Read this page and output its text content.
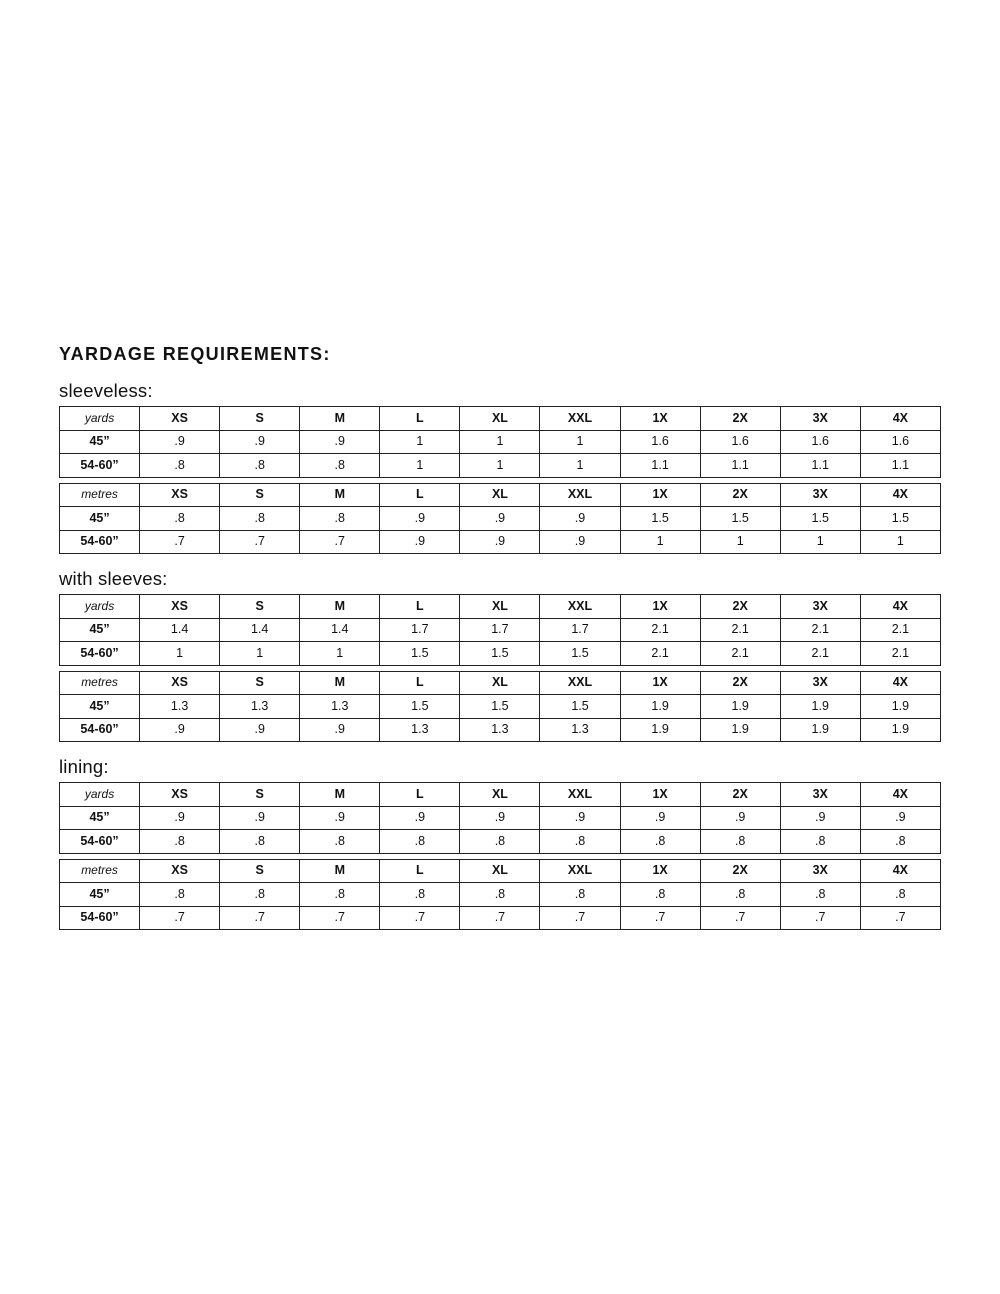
YARDAGE REQUIREMENTS:
sleeveless:
yards	XS	S	M	L	XL	XXL	1X	2X	3X	4X
45”	.9	.9	.9	1	1	1	1.6	1.6	1.6	1.6
54-60”	.8	.8	.8	1	1	1	1.1	1.1	1.1	1.1
metres	XS	S	M	L	XL	XXL	1X	2X	3X	4X
45”	.8	.8	.8	.9	.9	.9	1.5	1.5	1.5	1.5
54-60”	.7	.7	.7	.9	.9	.9	1	1	1	1
with sleeves:
yards	XS	S	M	L	XL	XXL	1X	2X	3X	4X
45”	1.4	1.4	1.4	1.7	1.7	1.7	2.1	2.1	2.1	2.1
54-60”	1	1	1	1.5	1.5	1.5	2.1	2.1	2.1	2.1
metres	XS	S	M	L	XL	XXL	1X	2X	3X	4X
45”	1.3	1.3	1.3	1.5	1.5	1.5	1.9	1.9	1.9	1.9
54-60”	.9	.9	.9	1.3	1.3	1.3	1.9	1.9	1.9	1.9
lining:
yards	XS	S	M	L	XL	XXL	1X	2X	3X	4X
45”	.9	.9	.9	.9	.9	.9	.9	.9	.9	.9
54-60”	.8	.8	.8	.8	.8	.8	.8	.8	.8	.8
metres	XS	S	M	L	XL	XXL	1X	2X	3X	4X
45”	.8	.8	.8	.8	.8	.8	.8	.8	.8	.8
54-60”	.7	.7	.7	.7	.7	.7	.7	.7	.7	.7
